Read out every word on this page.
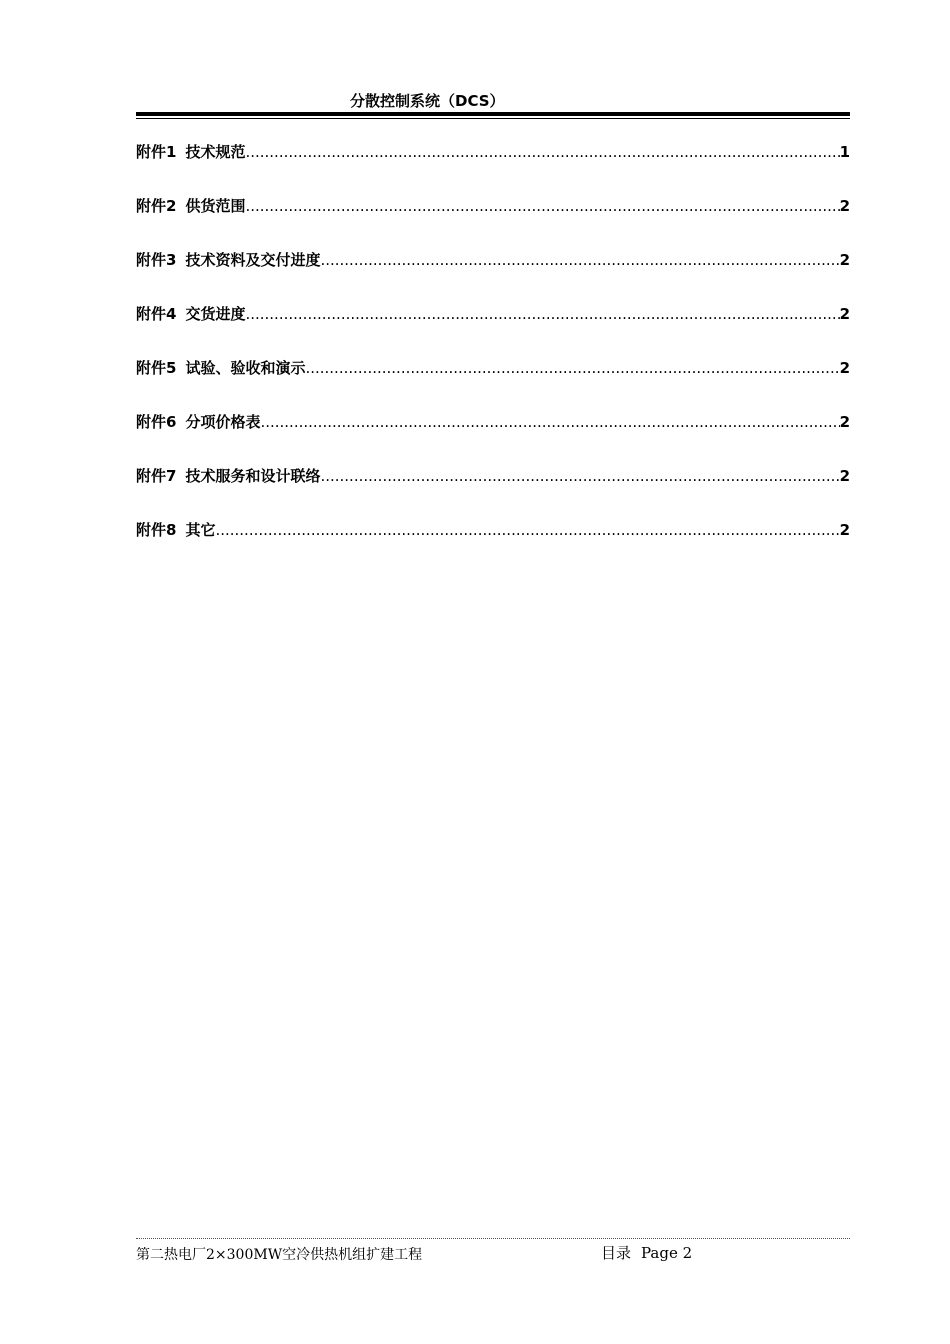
分散控制系统（DCS）
附件1 技术规范 .....	1
附件2 供货范围 .....	2
附件3 技术资料及交付进度 .....	2
附件4 交货进度 .....	2
附件5 试验、验收和演示 .....	2
附件6 分项价格表 .....	2
附件7 技术服务和设计联络 .....	2
附件8 其它 .....	2
第二热电厂2×300MW空冷供热机组扩建工程	目录 Page 2
